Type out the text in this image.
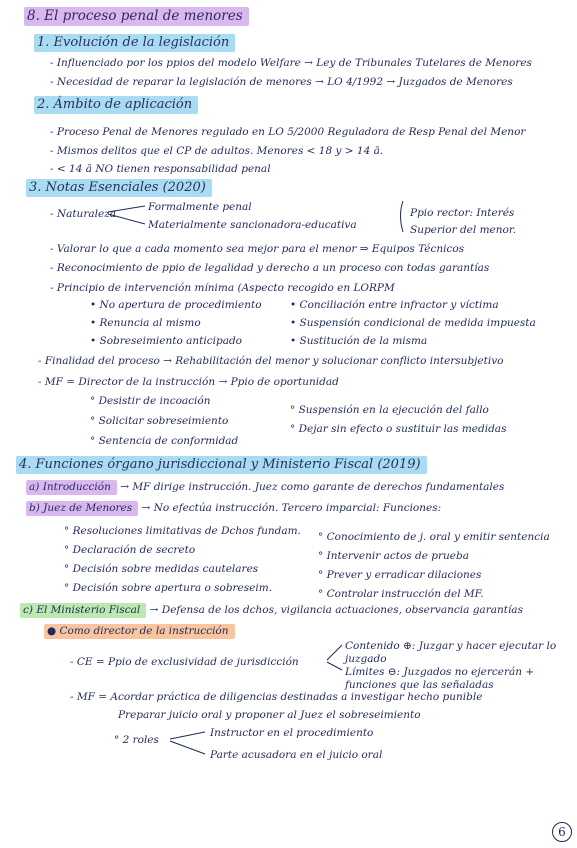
8. El proceso penal de menores
1. Evolución de la legislación
- Influenciado por los ppios del modelo Welfare → Ley de Tribunales Tutelares de Menores
- Necesidad de reparar la legislación de menores → LO 4/1992 → Juzgados de Menores
2. Ámbito de aplicación
- Proceso Penal de Menores regulado en LO 5/2000 Reguladora de Resp Penal del Menor
- Mismos delitos que el CP de adultos. Menores < 18 y > 14 ā.
- < 14 ā NO tienen responsabilidad penal
3. Notas Esenciales (2020)
- Naturaleza
Formalmente penal
Materialmente sancionadora-educativa
Ppio rector: Interés Superior del menor.
- Valorar lo que a cada momento sea mejor para el menor ⇒ Equipos Técnicos
- Reconocimiento de ppio de legalidad y derecho a un proceso con todas garantías
- Principio de intervención mínima (Aspecto recogido en LORPM
• No apertura de procedimiento
• Renuncia al mismo
• Sobreseimiento anticipado
• Conciliación entre infractor y víctima
• Suspensión condicional de medida impuesta
• Sustitución de la misma
- Finalidad del proceso → Rehabilitación del menor y solucionar conflicto intersubjetivo
- MF = Director de la instrucción → Ppio de oportunidad
° Desistir de incoación
° Solicitar sobreseimiento
° Sentencia de conformidad
° Suspensión en la ejecución del fallo
° Dejar sin efecto o sustituir las medidas
4. Funciones órgano jurisdiccional y Ministerio Fiscal (2019)
a) Introducción → MF dirige instrucción. Juez como garante de derechos fundamentales
b) Juez de Menores → No efectúa instrucción. Tercero imparcial: Funciones:
° Resoluciones limitativas de Dchos fundam.
° Declaración de secreto
° Decisión sobre medidas cautelares
° Decisión sobre apertura o sobreseim.
° Conocimiento de j. oral y emitir sentencia
° Intervenir actos de prueba
° Prever y erradicar dilaciones
° Controlar instrucción del MF.
c) El Ministerio Fiscal → Defensa de los dchos, vigilancia actuaciones, observancia garantías
● Como director de la instrucción
- CE = Ppio de exclusividad de jurisdicción
Contenido ⊕: Juzgar y hacer ejecutar lo juzgado
Límites ⊖: Juzgados no ejercerán + funciones que las señaladas
- MF = Acordar práctica de diligencias destinadas a investigar hecho punible
Preparar juicio oral y proponer al Juez el sobreseimiento
° 2 roles
Instructor en el procedimiento
Parte acusadora en el juicio oral
6
